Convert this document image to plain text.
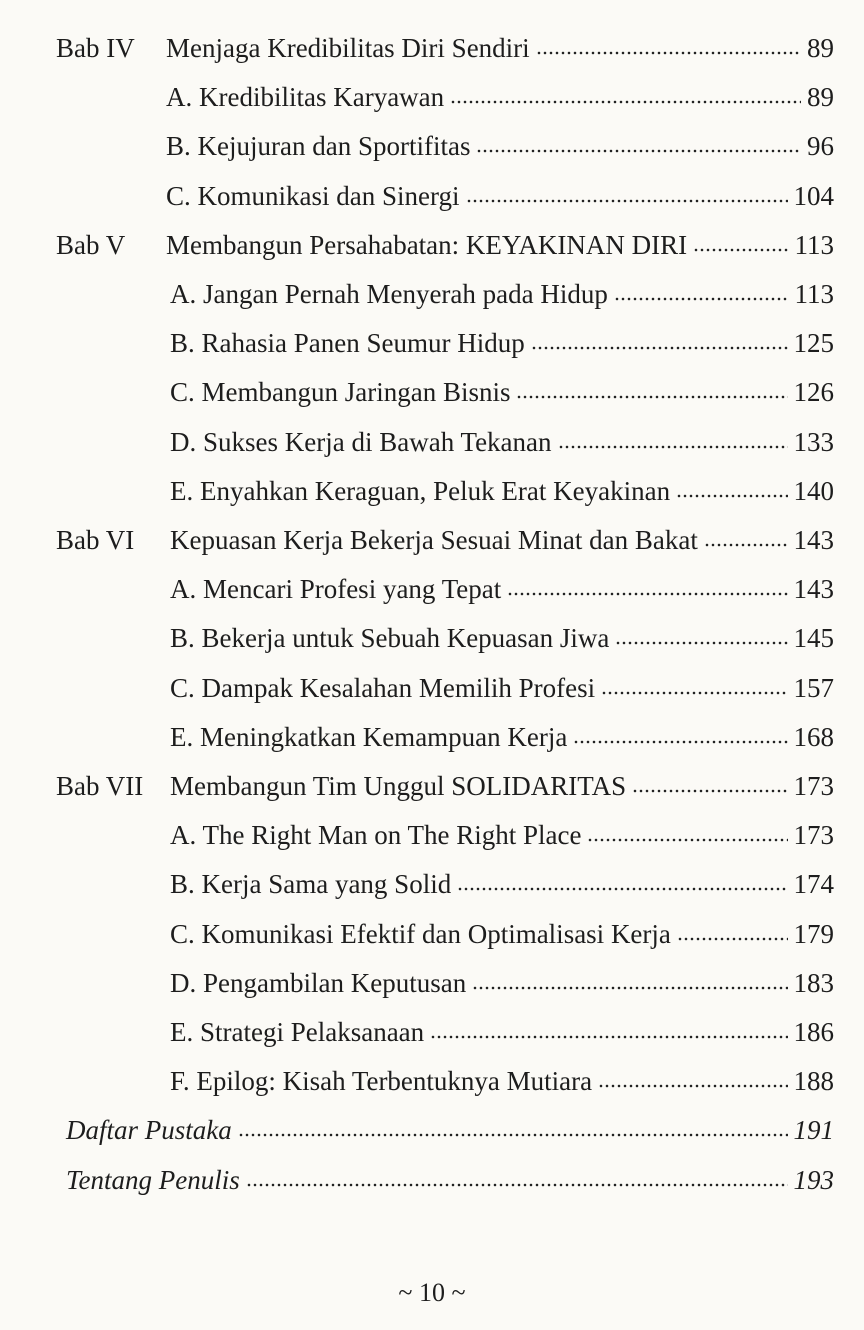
Bab IV Menjaga Kredibilitas Diri Sendiri	89
A. Kredibilitas Karyawan	89
B. Kejujuran dan Sportifitas	96
C. Komunikasi dan Sinergi	104
Bab V Membangun Persahabatan: KEYAKINAN DIRI	113
A. Jangan Pernah Menyerah pada Hidup	113
B. Rahasia Panen Seumur Hidup	125
C. Membangun Jaringan Bisnis	126
D. Sukses Kerja di Bawah Tekanan	133
E. Enyahkan Keraguan, Peluk Erat Keyakinan	140
Bab VI Kepuasan Kerja Bekerja Sesuai Minat dan Bakat	143
A. Mencari Profesi yang Tepat	143
B. Bekerja untuk Sebuah Kepuasan Jiwa	145
C. Dampak Kesalahan Memilih Profesi	157
E. Meningkatkan Kemampuan Kerja	168
Bab VII Membangun Tim Unggul SOLIDARITAS	173
A. The Right Man on The Right Place	173
B. Kerja Sama yang Solid	174
C. Komunikasi Efektif dan Optimalisasi Kerja	179
D. Pengambilan Keputusan	183
E. Strategi Pelaksanaan	186
F. Epilog: Kisah Terbentuknya Mutiara	188
Daftar Pustaka	191
Tentang Penulis	193
~ 10 ~
